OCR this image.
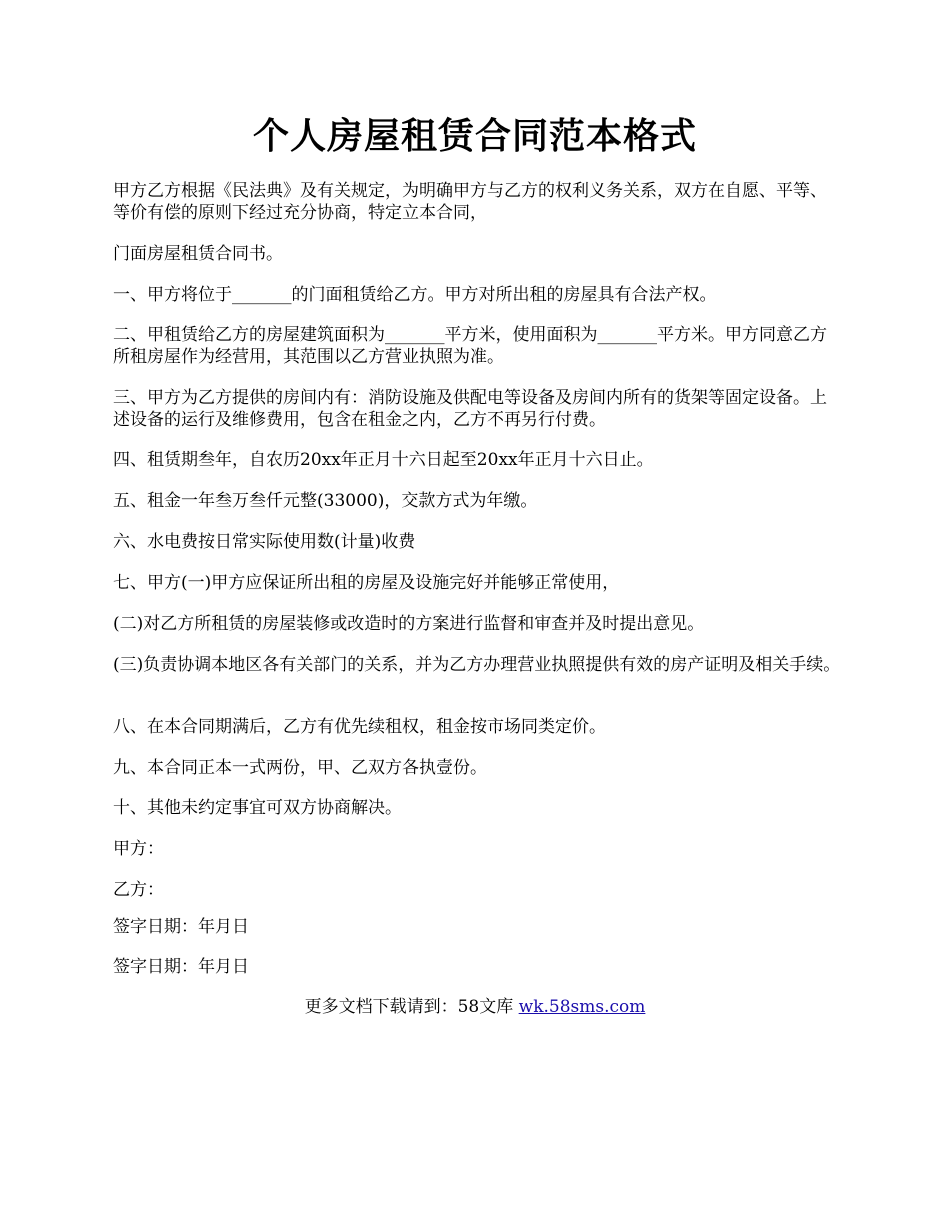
个人房屋租赁合同范本格式

甲方乙方根据《民法典》及有关规定，为明确甲方与乙方的权利义务关系，双方在自愿、平等、等价有偿的原则下经过充分协商，特定立本合同，

门面房屋租赁合同书。

一、甲方将位于_______的门面租赁给乙方。甲方对所出租的房屋具有合法产权。

二、甲租赁给乙方的房屋建筑面积为_______平方米，使用面积为_______平方米。甲方同意乙方所租房屋作为经营用，其范围以乙方营业执照为准。

三、甲方为乙方提供的房间内有：消防设施及供配电等设备及房间内所有的货架等固定设备。上述设备的运行及维修费用，包含在租金之内，乙方不再另行付费。

四、租赁期叁年，自农历20xx年正月十六日起至20xx年正月十六日止。

五、租金一年叁万叁仟元整(33000)，交款方式为年缴。

六、水电费按日常实际使用数(计量)收费

七、甲方(一)甲方应保证所出租的房屋及设施完好并能够正常使用，

(二)对乙方所租赁的房屋装修或改造时的方案进行监督和审查并及时提出意见。

(三)负责协调本地区各有关部门的关系，并为乙方办理营业执照提供有效的房产证明及相关手续。

八、在本合同期满后，乙方有优先续租权，租金按市场同类定价。

九、本合同正本一式两份，甲、乙双方各执壹份。

十、其他未约定事宜可双方协商解决。

甲方：

乙方：

签字日期：年月日

签字日期：年月日

更多文档下载请到：58文库 wk.58sms.com
